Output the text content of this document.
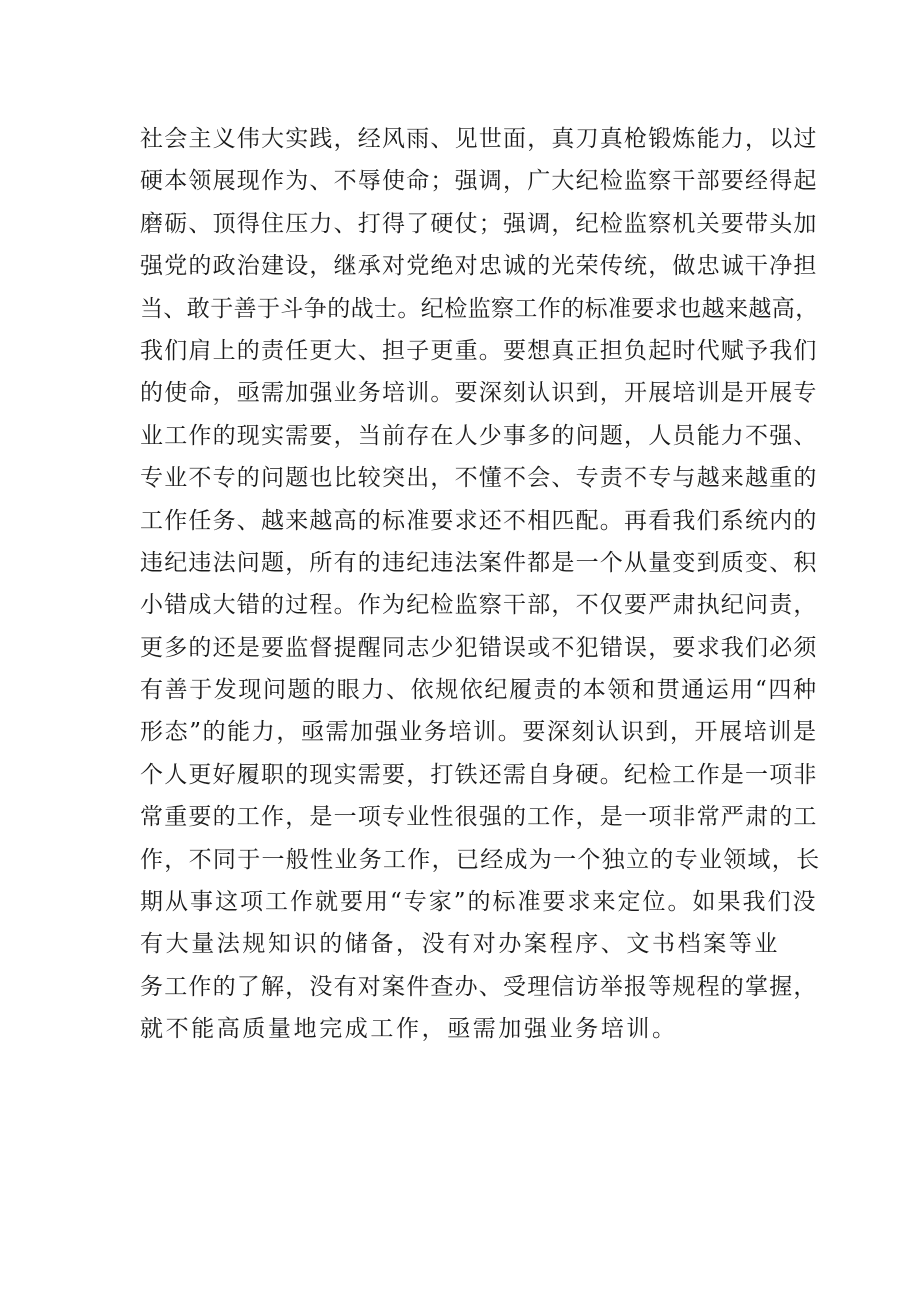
社会主义伟大实践，经风雨、见世面，真刀真枪锻炼能力，以过
硬本领展现作为、不辱使命；强调，广大纪检监察干部要经得起
磨砺、顶得住压力、打得了硬仗；强调，纪检监察机关要带头加
强党的政治建设，继承对党绝对忠诚的光荣传统，做忠诚干净担
当、敢于善于斗争的战士。纪检监察工作的标准要求也越来越高，
我们肩上的责任更大、担子更重。要想真正担负起时代赋予我们
的使命，亟需加强业务培训。要深刻认识到，开展培训是开展专
业工作的现实需要，当前存在人少事多的问题，人员能力不强、
专业不专的问题也比较突出，不懂不会、专责不专与越来越重的
工作任务、越来越高的标准要求还不相匹配。再看我们系统内的
违纪违法问题，所有的违纪违法案件都是一个从量变到质变、积
小错成大错的过程。作为纪检监察干部，不仅要严肃执纪问责，
更多的还是要监督提醒同志少犯错误或不犯错误，要求我们必须
有善于发现问题的眼力、依规依纪履责的本领和贯通运用“四种
形态”的能力，亟需加强业务培训。要深刻认识到，开展培训是
个人更好履职的现实需要，打铁还需自身硬。纪检工作是一项非
常重要的工作，是一项专业性很强的工作，是一项非常严肃的工
作，不同于一般性业务工作，已经成为一个独立的专业领域，长
期从事这项工作就要用“专家”的标准要求来定位。如果我们没
有大量法规知识的储备，没有对办案程序、文书档案等业
务工作的了解，没有对案件查办、受理信访举报等规程的掌握，
就不能高质量地完成工作，亟需加强业务培训。
